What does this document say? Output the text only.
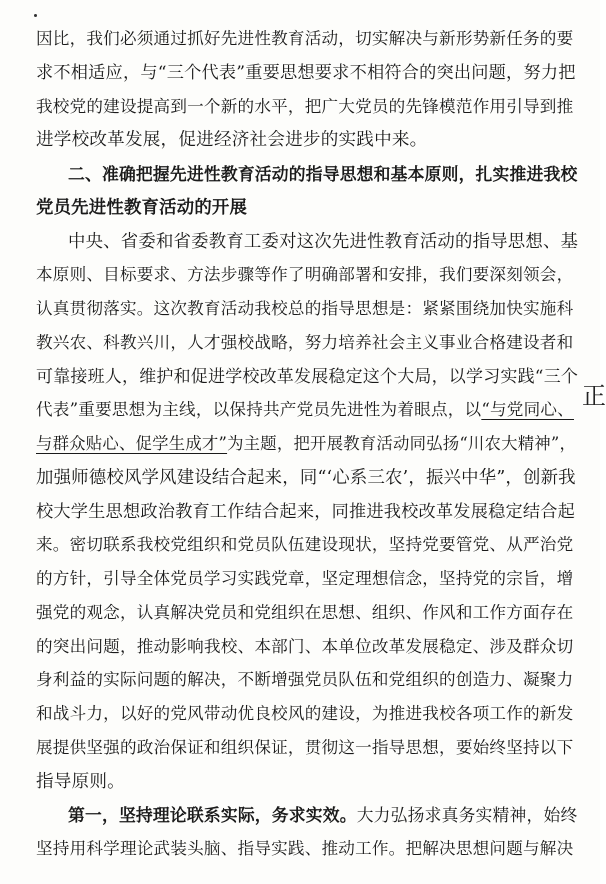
因比，我们必须通过抓好先进性教育活动，切实解决与新形势新任务的要
求不相适应，与“三个代表”重要思想要求不相符合的突出问题，努力把
我校党的建设提高到一个新的水平，把广大党员的先锋模范作用引导到推
进学校改革发展，促进经济社会进步的实践中来。
二、准确把握先进性教育活动的指导思想和基本原则，扎实推进我校
党员先进性教育活动的开展
中央、省委和省委教育工委对这次先进性教育活动的指导思想、基
本原则、目标要求、方法步骤等作了明确部署和安排，我们要深刻领会，
认真贯彻落实。这次教育活动我校总的指导思想是：紧紧围绕加快实施科
教兴农、科教兴川，人才强校战略，努力培养社会主义事业合格建设者和
可靠接班人，维护和促进学校改革发展稳定这个大局，以学习实践“三个
代表”重要思想为主线，以保持共产党员先进性为着眼点，以“与党同心、
与群众贴心、促学生成才”为主题，把开展教育活动同弘扬“川农大精神”，
加强师德校风学风建设结合起来，同“‘心系三农’，振兴中华”，创新我
校大学生思想政治教育工作结合起来，同推进我校改革发展稳定结合起
来。密切联系我校党组织和党员队伍建设现状，坚持党要管党、从严治党
的方针，引导全体党员学习实践党章，坚定理想信念，坚持党的宗旨，增
强党的观念，认真解决党员和党组织在思想、组织、作风和工作方面存在
的突出问题，推动影响我校、本部门、本单位改革发展稳定、涉及群众切
身利益的实际问题的解决，不断增强党员队伍和党组织的创造力、凝聚力
和战斗力，以好的党风带动优良校风的建设，为推进我校各项工作的新发
展提供坚强的政治保证和组织保证，贯彻这一指导思想，要始终坚持以下
指导原则。
第一，坚持理论联系实际，务求实效。大力弘扬求真务实精神，始终
坚持用科学理论武装头脑、指导实践、推动工作。把解决思想问题与解决
正
